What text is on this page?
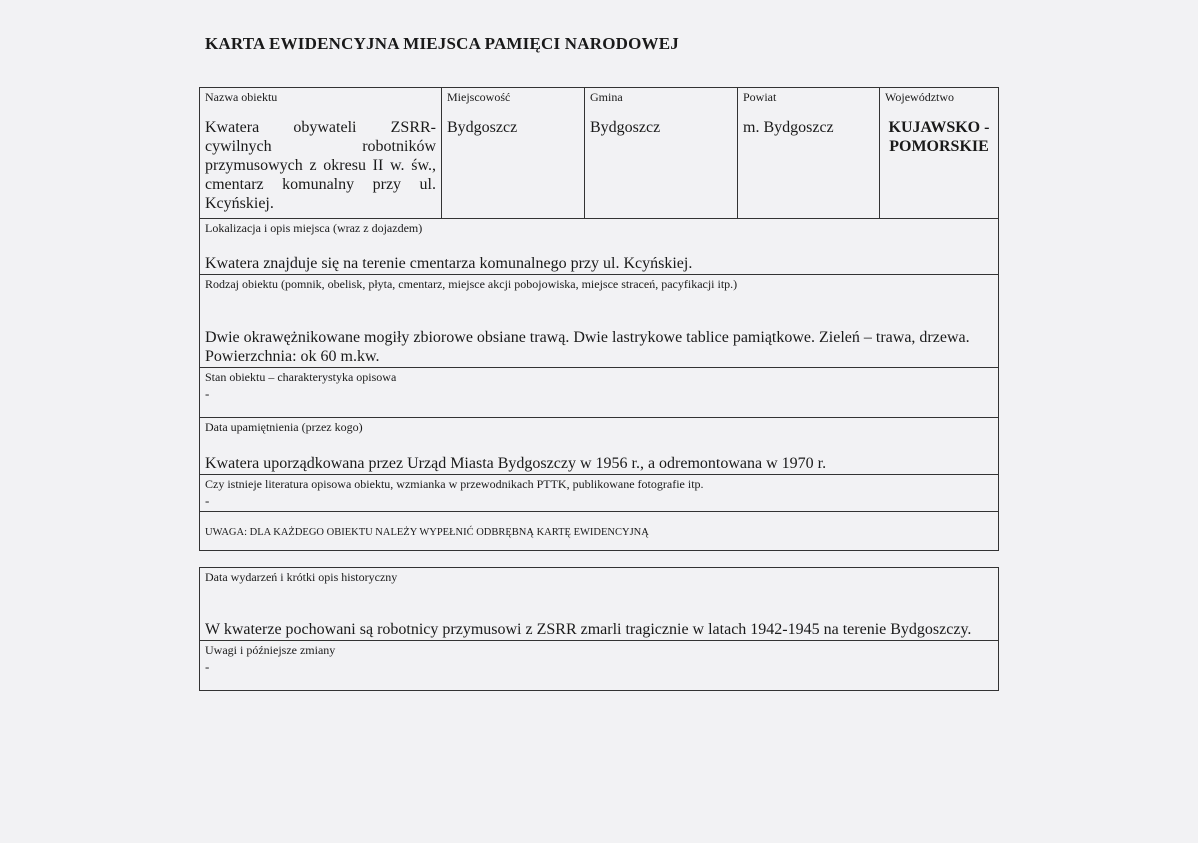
KARTA EWIDENCYJNA MIEJSCA PAMIĘCI NARODOWEJ
Nazwa obiektu
Kwatera obywateli ZSRR-cywilnych robotników przymusowych z okresu II w. św., cmentarz komunalny przy ul. Kcyńskiej.
Miejscowość
Bydgoszcz
Gmina
Bydgoszcz
Powiat
m. Bydgoszcz
Województwo
KUJAWSKO - POMORSKIE
Lokalizacja i opis miejsca (wraz z dojazdem)
Kwatera znajduje się na terenie cmentarza komunalnego przy ul. Kcyńskiej.
Rodzaj obiektu (pomnik, obelisk, płyta, cmentarz, miejsce akcji pobojowiska, miejsce straceń, pacyfikacji itp.)
Dwie okrawężnikowane mogiły zbiorowe obsiane trawą. Dwie lastrykowe tablice pamiątkowe. Zieleń – trawa, drzewa.
Powierzchnia: ok 60 m.kw.
Stan obiektu – charakterystyka opisowa
-
Data upamiętnienia (przez kogo)
Kwatera uporządkowana przez Urząd Miasta Bydgoszczy w 1956 r., a odremontowana w 1970 r.
Czy istnieje literatura opisowa obiektu, wzmianka w przewodnikach PTTK, publikowane fotografie itp.
-
UWAGA: DLA KAŻDEGO OBIEKTU NALEŻY WYPEŁNIĆ ODBRĘBNĄ KARTĘ EWIDENCYJNĄ
Data wydarzeń i krótki opis historyczny
W kwaterze pochowani są robotnicy przymusowi z ZSRR zmarli tragicznie w latach 1942-1945 na terenie Bydgoszczy.
Uwagi i późniejsze zmiany
-
